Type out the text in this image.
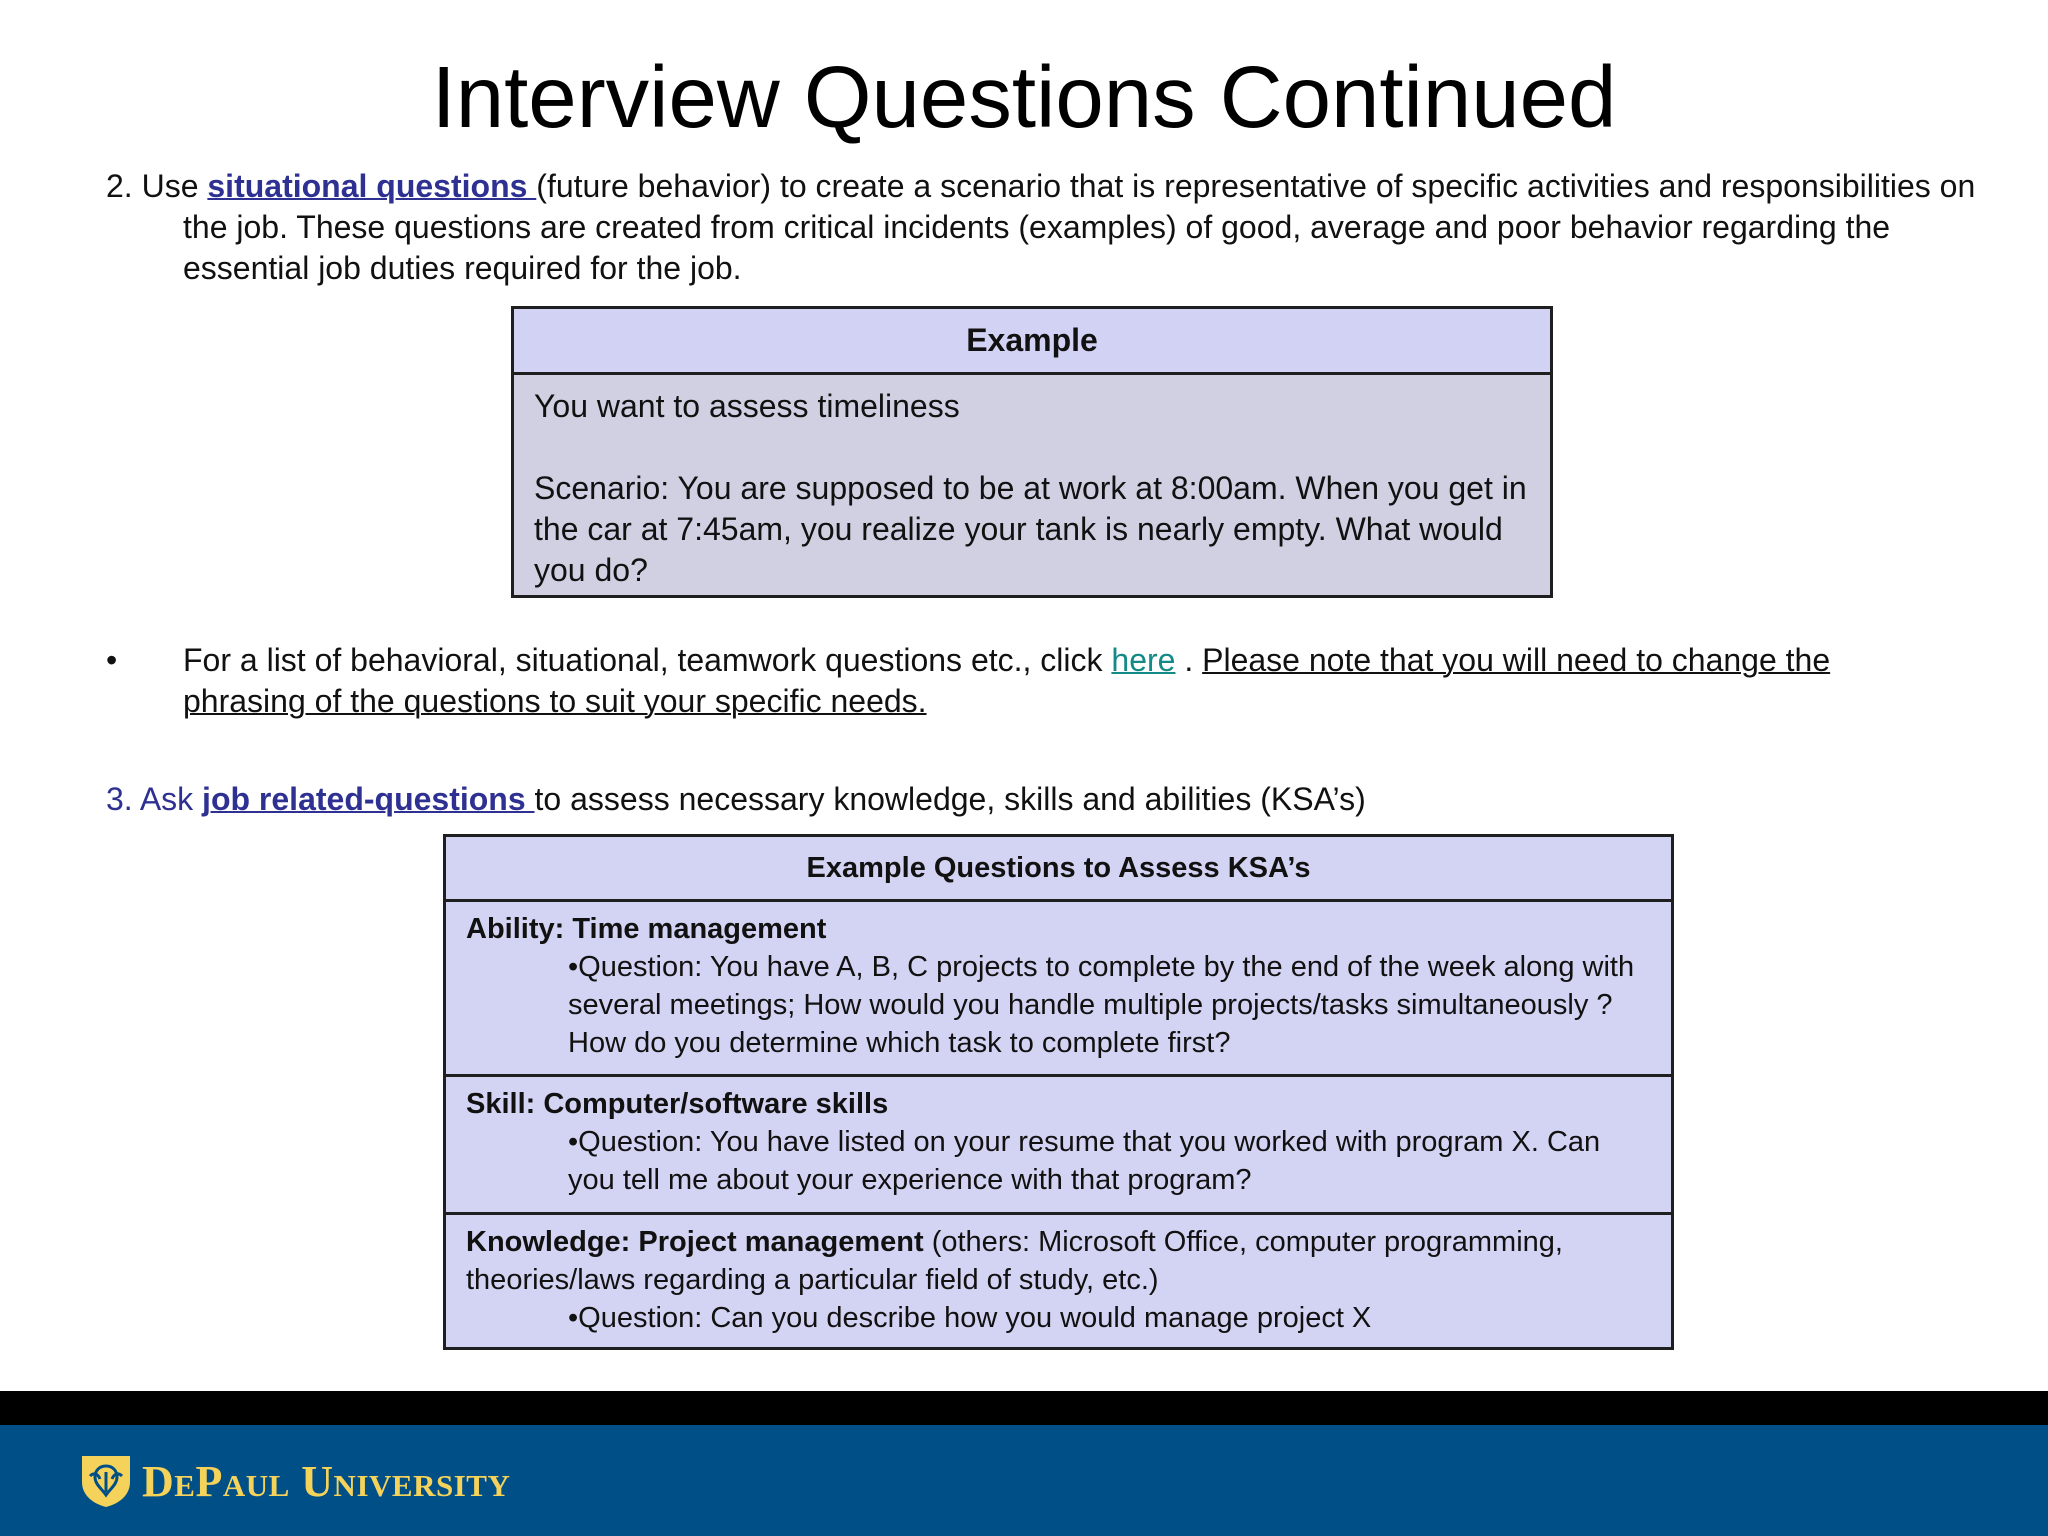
Interview Questions Continued
2. Use situational questions (future behavior) to create a scenario that is representative of specific activities and responsibilities on the job. These questions are created from critical incidents (examples) of good, average and poor behavior regarding the essential job duties required for the job.
Example
You want to assess timeliness
Scenario: You are supposed to be at work at 8:00am. When you get in the car at 7:45am, you realize your tank is nearly empty. What would you do?
• For a list of behavioral, situational, teamwork questions etc., click here . Please note that you will need to change the phrasing of the questions to suit your specific needs.
3. Ask job related-questions to assess necessary knowledge, skills and abilities (KSA’s)
Example Questions to Assess KSA’s
Ability: Time management
•Question: You have A, B, C projects to complete by the end of the week along with several meetings; How would you handle multiple projects/tasks simultaneously ? How do you determine which task to complete first?
Skill: Computer/software skills
•Question: You have listed on your resume that you worked with program X. Can you tell me about your experience with that program?
Knowledge: Project management (others: Microsoft Office, computer programming, theories/laws regarding a particular field of study, etc.)
•Question: Can you describe how you would manage project X
DePaul University
